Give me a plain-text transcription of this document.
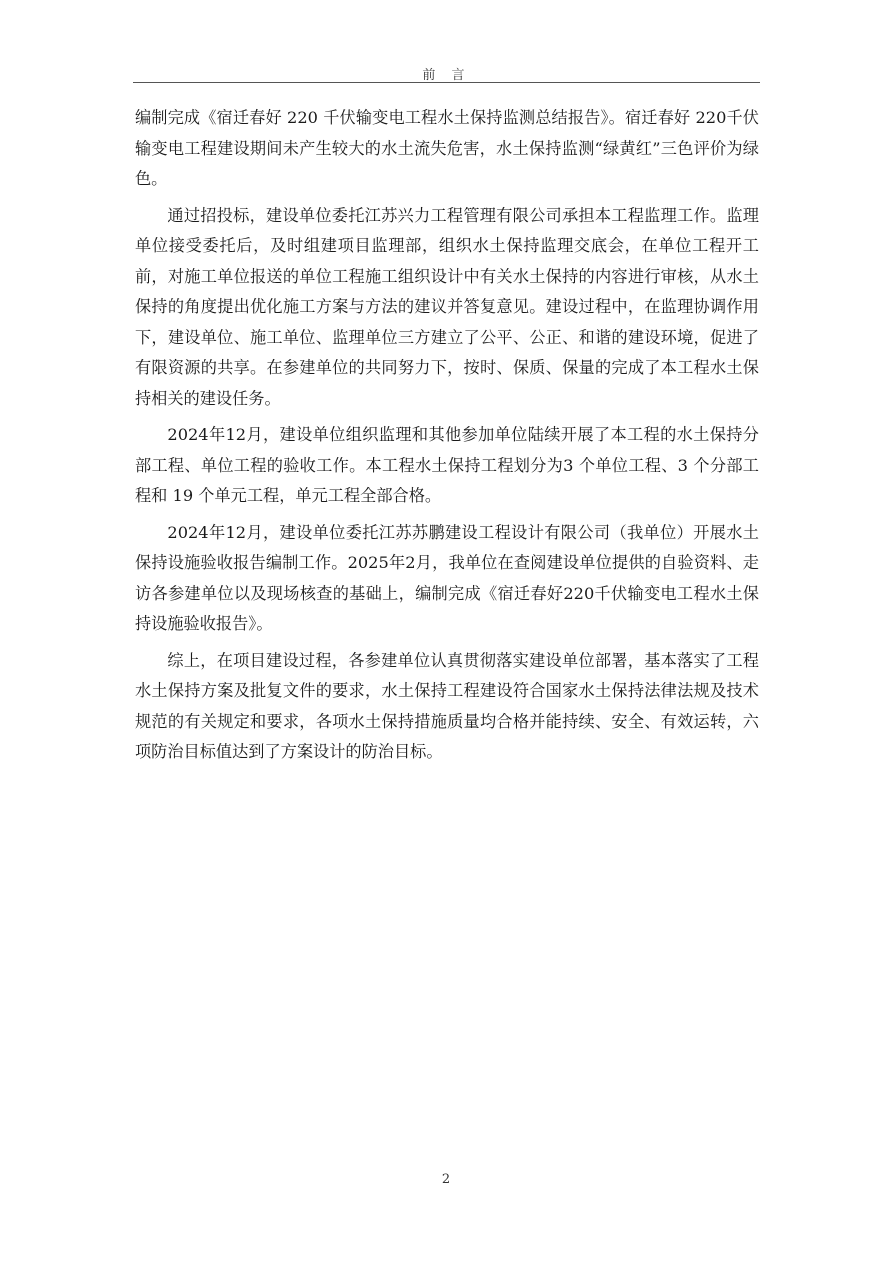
前 言

编制完成《宿迁春好 220 千伏输变电工程水土保持监测总结报告》。宿迁春好 220千伏输变电工程建设期间未产生较大的水土流失危害，水土保持监测“绿黄红”三色评价为绿色。

通过招投标，建设单位委托江苏兴力工程管理有限公司承担本工程监理工作。监理单位接受委托后，及时组建项目监理部，组织水土保持监理交底会，在单位工程开工前，对施工单位报送的单位工程施工组织设计中有关水土保持的内容进行审核，从水土保持的角度提出优化施工方案与方法的建议并答复意见。建设过程中，在监理协调作用下，建设单位、施工单位、监理单位三方建立了公平、公正、和谐的建设环境，促进了有限资源的共享。在参建单位的共同努力下，按时、保质、保量的完成了本工程水土保持相关的建设任务。

2024年12月，建设单位组织监理和其他参加单位陆续开展了本工程的水土保持分部工程、单位工程的验收工作。本工程水土保持工程划分为3 个单位工程、3 个分部工程和 19 个单元工程，单元工程全部合格。

2024年12月，建设单位委托江苏苏鹏建设工程设计有限公司（我单位）开展水土保持设施验收报告编制工作。2025年2月，我单位在查阅建设单位提供的自验资料、走访各参建单位以及现场核查的基础上，编制完成《宿迁春好220千伏输变电工程水土保持设施验收报告》。

综上，在项目建设过程，各参建单位认真贯彻落实建设单位部署，基本落实了工程水土保持方案及批复文件的要求，水土保持工程建设符合国家水土保持法律法规及技术规范的有关规定和要求，各项水土保持措施质量均合格并能持续、安全、有效运转，六项防治目标值达到了方案设计的防治目标。

2
